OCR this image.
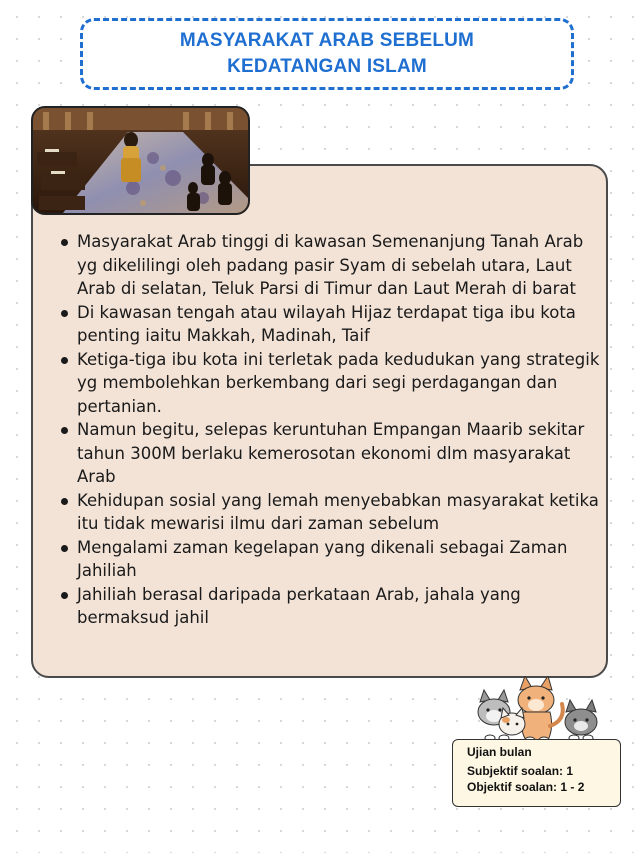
MASYARAKAT ARAB SEBELUM
KEDATANGAN ISLAM
Masyarakat Arab tinggi di kawasan Semenanjung Tanah Arab yg dikelilingi oleh padang pasir Syam di sebelah utara, Laut Arab di selatan, Teluk Parsi di Timur dan Laut Merah di barat
Di kawasan tengah atau wilayah Hijaz terdapat tiga ibu kota penting iaitu Makkah, Madinah, Taif
Ketiga-tiga ibu kota ini terletak pada kedudukan yang strategik yg membolehkan berkembang dari segi perdagangan dan pertanian.
Namun begitu, selepas keruntuhan Empangan Maarib sekitar tahun 300M berlaku kemerosotan ekonomi dlm masyarakat Arab
Kehidupan sosial yang lemah menyebabkan masyarakat ketika itu tidak mewarisi ilmu dari zaman sebelum
Mengalami zaman kegelapan yang dikenali sebagai Zaman Jahiliah
Jahiliah berasal daripada perkataan Arab, jahala yang bermaksud jahil
Ujian bulan
Subjektif soalan: 1
Objektif soalan: 1 - 2
